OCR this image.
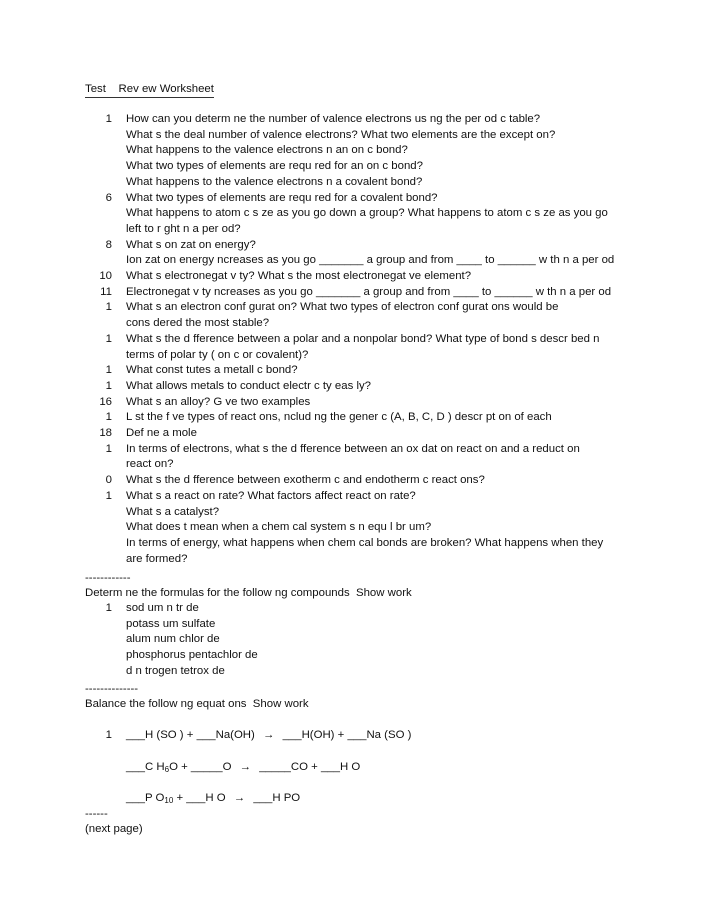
Test    Rev ew Worksheet
1 How can you determ ne the number of valence electrons us ng the per od c table?
What s the deal number of valence electrons? What two elements are the except on?
What happens to the valence electrons n an on c bond?
What two types of elements are requ red for an on c bond?
What happens to the valence electrons n a covalent bond?
6 What two types of elements are requ red for a covalent bond?
What happens to atom c s ze as you go down a group? What happens to atom c s ze as you go
left to r ght n a per od?
8 What s on zat on energy?
Ion zat on energy ncreases as you go _______ a group and from ____ to ______ w th n a per od
10 What s electronegat v ty? What s the most electronegat ve element?
11 Electronegat v ty ncreases as you go _______ a group and from ____ to ______ w th n a per od
1 What s an electron conf gurat on? What two types of electron conf gurat ons would be
cons dered the most stable?
1 What s the d fference between a polar and a nonpolar bond? What type of bond s descr bed n
terms of polar ty ( on c or covalent)?
1 What const tutes a metall c bond?
1 What allows metals to conduct electr c ty eas ly?
16 What s an alloy? G ve two examples
1 L st the f ve types of react ons, nclud ng the gener c (A, B, C, D ) descr pt on of each
18 Def ne a mole
1 In terms of electrons, what s the d fference between an ox dat on react on and a reduct on
react on?
0 What s the d fference between exotherm c and endotherm c react ons?
1 What s a react on rate? What factors affect react on rate?
What s a catalyst?
What does t mean when a chem cal system s n equ l br um?
In terms of energy, what happens when chem cal bonds are broken? What happens when they
are formed?
------------
Determ ne the formulas for the follow ng compounds  Show work
1 sod um n tr de
potass um sulfate
alum num chlor de
phosphorus pentachlor de
d n trogen tetrox de
--------------
Balance the follow ng equat ons  Show work
1 ___H (SO ) + ___Na(OH) → ___H(OH) + ___Na (SO )
___C $H_6O$ + _____O → _____CO + ___H O
___P $O_{10}$ + ___H O → ___H PO
------
(next page)
